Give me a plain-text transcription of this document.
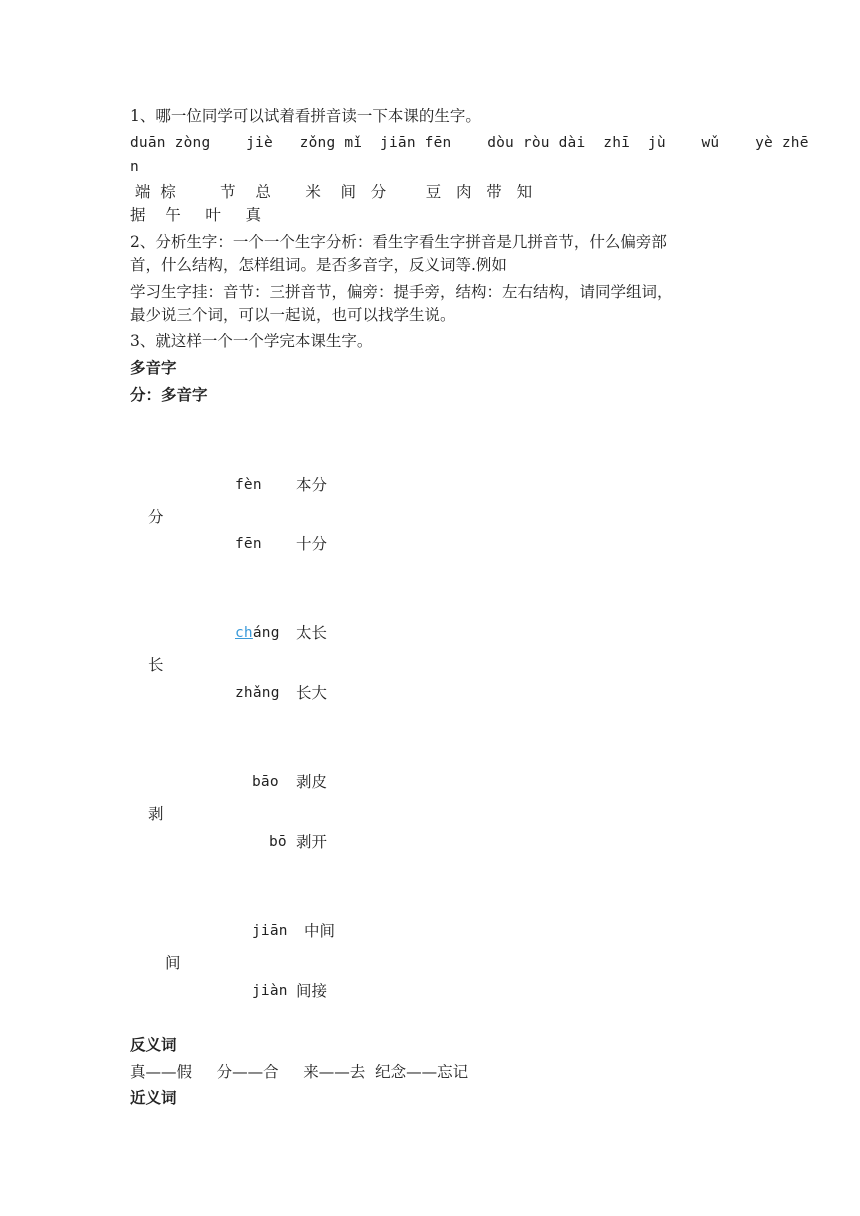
1、哪一位同学可以试着看拼音读一下本课的生字。
duān zòng    jiè   zǒng mǐ  jiān fēn    dòu ròu dài  zhī  jù    wǔ    yè zhē
n
端  棕         节    总       米    间   分        豆   肉   带   知
据    午     叶     真
2、分析生字：一个一个生字分析：看生字看生字拼音是几拼音节，什么偏旁部
首，什么结构，怎样组词。是否多音字，反义词等.例如
学习生字挂：音节：三拼音节，偏旁：提手旁，结构：左右结构，请同学组词，
最少说三个词，可以一起说，也可以找学生说。
3、就这样一个一个学完本课生字。
多音字
分：多音字
fèn 本分
分
fēn 十分
cháng 太长
长
zhǎng 长大
bāo 剥皮
剥
bō 剥开
jiān 中间
间
jiàn 间接
反义词
真——假     分——合     来——去  纪念——忘记
近义词
